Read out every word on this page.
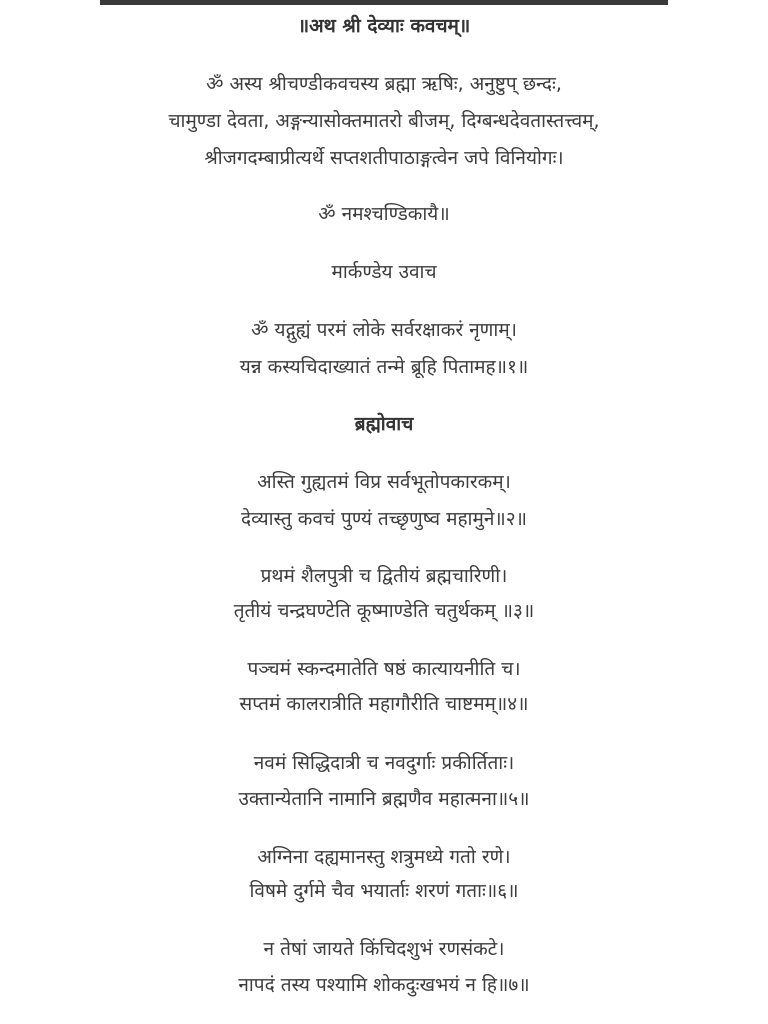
॥अथ श्री देव्याः कवचम्॥
ॐ अस्य श्रीचण्डीकवचस्य ब्रह्मा ऋषिः, अनुष्टुप् छन्दः,
चामुण्डा देवता, अङ्गन्यासोक्तमातरो बीजम्, दिग्बन्धदेवतास्तत्त्वम्,
श्रीजगदम्बाप्रीत्यर्थे सप्तशतीपाठाङ्गत्वेन जपे विनियोगः।
ॐ नमश्चण्डिकायै॥
मार्कण्डेय उवाच
ॐ यद्गुह्यं परमं लोके सर्वरक्षाकरं नृणाम्।
यन्न कस्यचिदाख्यातं तन्मे ब्रूहि पितामह॥१॥
ब्रह्मोवाच
अस्ति गुह्यतमं विप्र सर्वभूतोपकारकम्।
देव्यास्तु कवचं पुण्यं तच्छृणुष्व महामुने॥२॥
प्रथमं शैलपुत्री च द्वितीयं ब्रह्मचारिणी।
तृतीयं चन्द्रघण्टेति कूष्माण्डेति चतुर्थकम् ॥३॥
पञ्चमं स्कन्दमातेति षष्ठं कात्यायनीति च।
सप्तमं कालरात्रीति महागौरीति चाष्टमम्॥४॥
नवमं सिद्धिदात्री च नवदुर्गाः प्रकीर्तिताः।
उक्तान्येतानि नामानि ब्रह्मणैव महात्मना॥५॥
अग्निना दह्यमानस्तु शत्रुमध्ये गतो रणे।
विषमे दुर्गमे चैव भयार्ताः शरणं गताः॥६॥
न तेषां जायते किंचिदशुभं रणसंकटे।
नापदं तस्य पश्यामि शोकदुःखभयं न हि॥७॥
